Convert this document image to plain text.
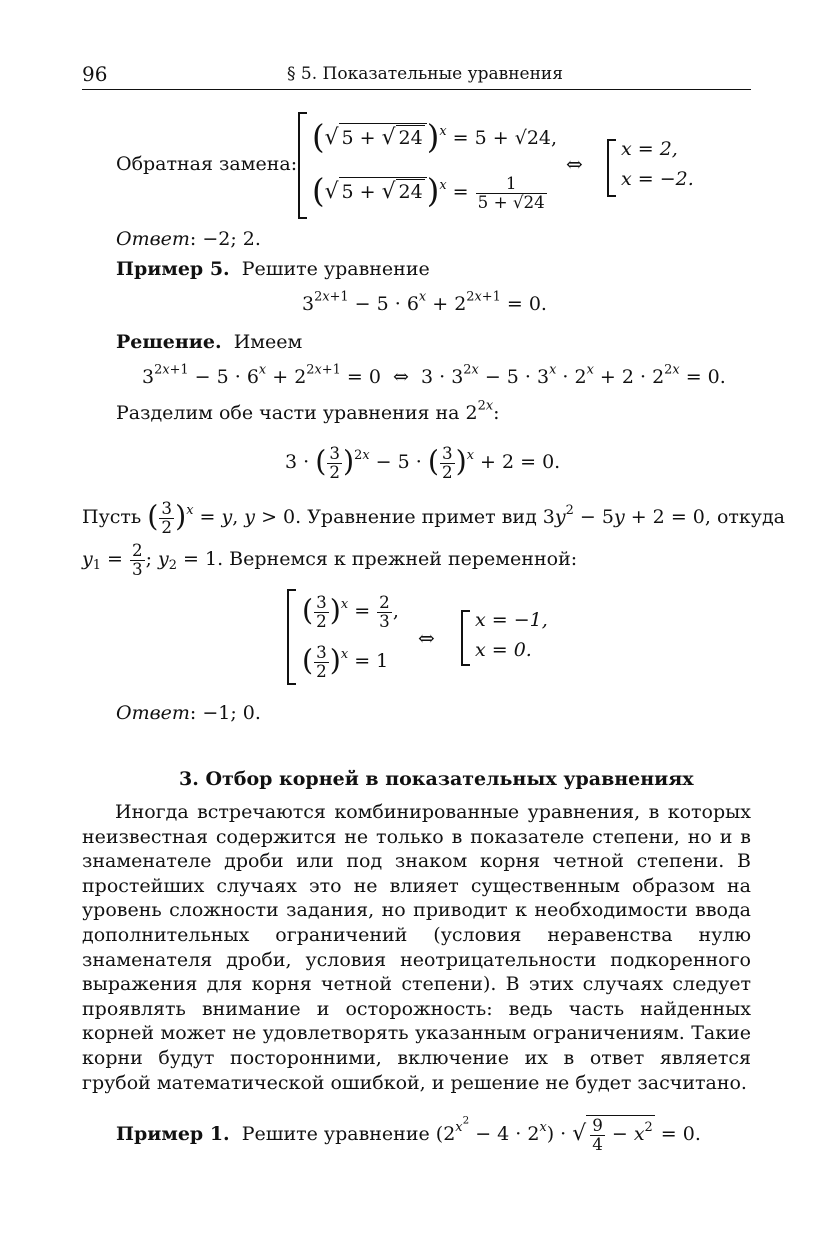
96	§ 5. Показательные уравнения
Обратная замена:
(√ 5 + √ 24 )$^x$ = 5 + √24,
(√ 5 + √ 24 )$^x = \frac{1}{5 + √24}$
⇔
x = 2,
x = −2.
Ответ: −2; 2.
Пример 5. Решите уравнение
$3^{2x+1} - 5 \cdot 6^x + 2^{2x+1} = 0$.
Решение. Имеем
$3^{2x+1} - 5 \cdot 6^x + 2^{2x+1} = 0$  ⇔  $3 \cdot 3^{2x} - 5 \cdot 3^x \cdot 2^x + 2 \cdot 2^{2x} = 0$.
Разделим обе части уравнения на $2^{2x}$:
3 · ( $\frac{3}{2} )^{2x} - 5$ · ( $\frac{3}{2} )^x + 2 = 0$.
Пусть ( $\frac{3}{2} )^x = y$, y > 0. Уравнение примет вид $3y^2 - 5y + 2 = 0$, откуда
$y_1 = \frac{2}{3}$ ; $y_2 = 1$. Вернемся к прежней переменной:
( $\frac{3}{2} )^x = \frac{2}{3}$ ,
( $\frac{3}{2} )^x = 1$
⇔
x = −1,
x = 0.
Ответ: −1; 0.
3. Отбор корней в показательных уравнениях
Иногда встречаются комбинированные уравнения, в которых неизвестная содержится не только в показателе степени, но и в знаменателе дроби или под знаком корня четной степени. В простейших случаях это не влияет существенным образом на уровень сложности задания, но приводит к необходимости ввода дополнительных ограничений (условия неравенства нулю знаменателя дроби, условия неотрицательности подкоренного выражения для корня четной степени). В этих случаях следует проявлять внимание и осторожность: ведь часть найденных корней может не удовлетворять указанным ограничениям. Такие корни будут посторонними, включение их в ответ является грубой математической ошибкой, и решение не будет засчитано.
Пример 1. Решите уравнение $(2^{x^2} - 4 \cdot 2^x)$ · √ $\frac{9}{4} - x^2 = 0$.
